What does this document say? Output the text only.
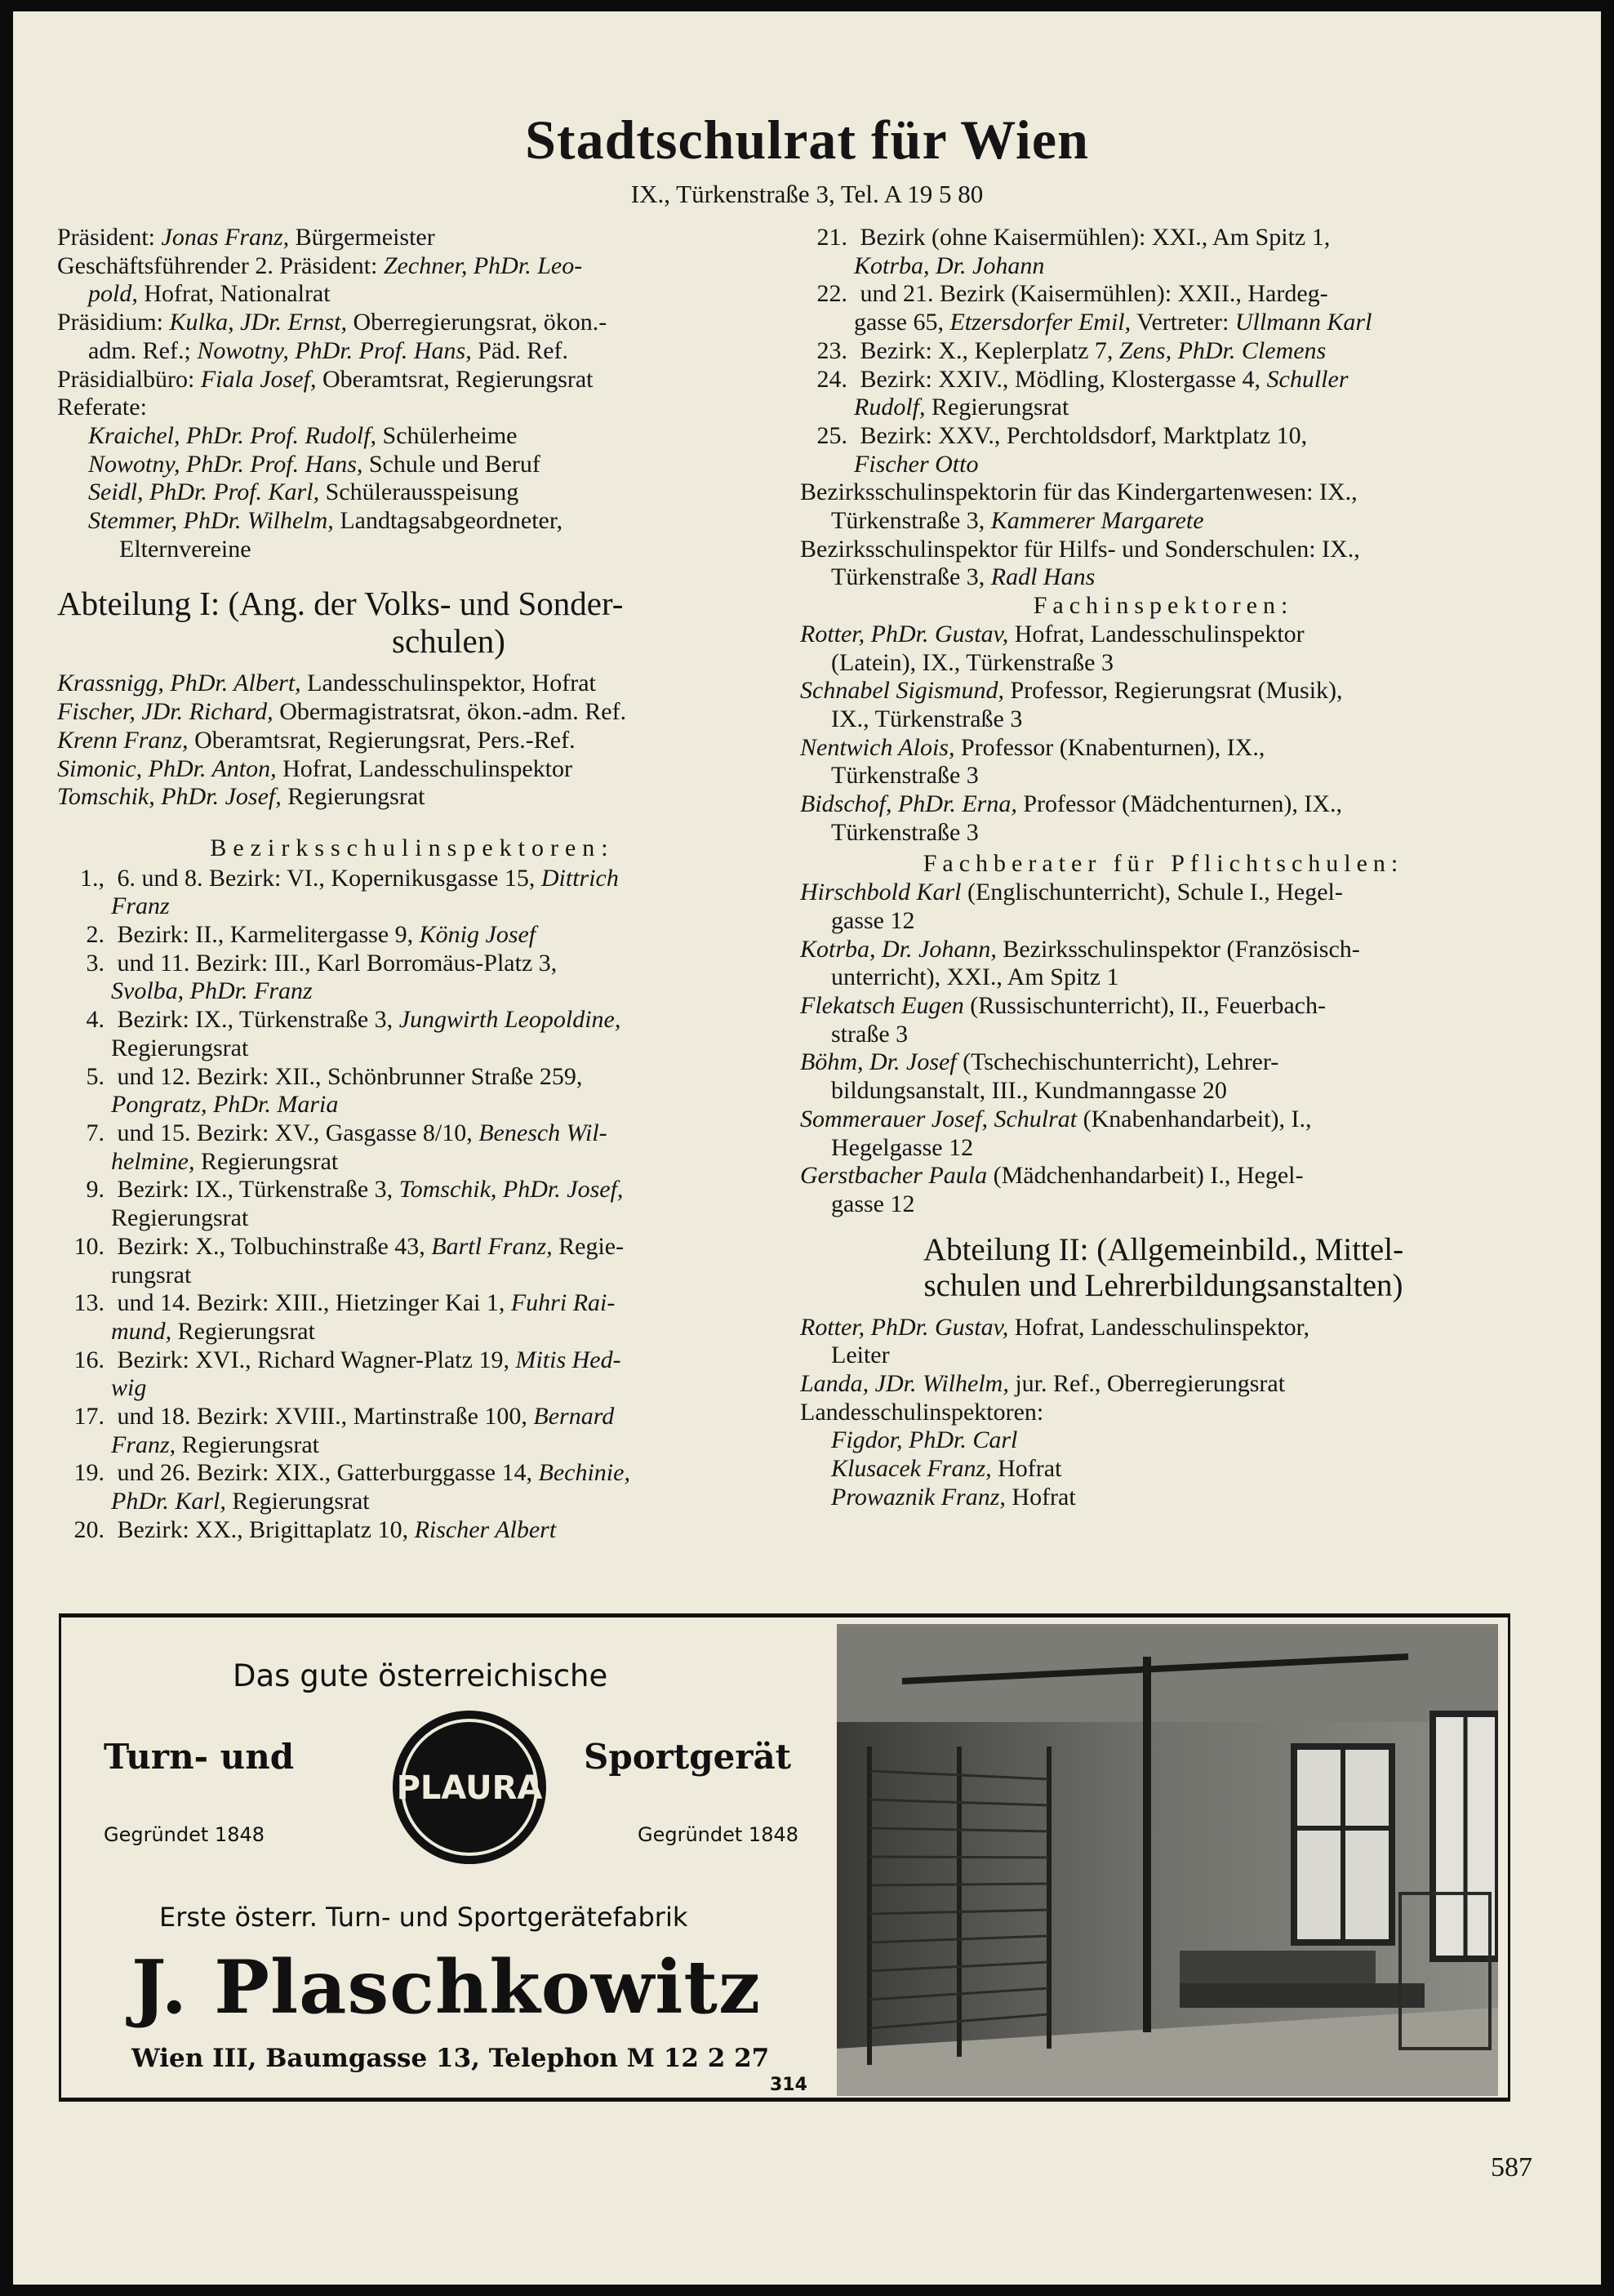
Stadtschulrat für Wien
IX., Türkenstraße 3, Tel. A 19 5 80
Präsident: Jonas Franz, Bürgermeister
Geschäftsführender 2. Präsident: Zechner, PhDr. Leo-
pold, Hofrat, Nationalrat
Präsidium: Kulka, JDr. Ernst, Oberregierungsrat, ökon.-
adm. Ref.; Nowotny, PhDr. Prof. Hans, Päd. Ref.
Präsidialbüro: Fiala Josef, Oberamtsrat, Regierungsrat
Referate:
Kraichel, PhDr. Prof. Rudolf, Schülerheime
Nowotny, PhDr. Prof. Hans, Schule und Beruf
Seidl, PhDr. Prof. Karl, Schülerausspeisung
Stemmer, PhDr. Wilhelm, Landtagsabgeordneter,
Elternvereine
Abteilung I: (Ang. der Volks- und Sonder-
schulen)
Krassnigg, PhDr. Albert, Landesschulinspektor, Hofrat
Fischer, JDr. Richard, Obermagistratsrat, ökon.-adm. Ref.
Krenn Franz, Oberamtsrat, Regierungsrat, Pers.-Ref.
Simonic, PhDr. Anton, Hofrat, Landesschulinspektor
Tomschik, PhDr. Josef, Regierungsrat
Bezirksschulinspektoren:
1., 6. und 8. Bezirk: VI., Kopernikusgasse 15, Dittrich
Franz
2. Bezirk: II., Karmelitergasse 9, König Josef
3. und 11. Bezirk: III., Karl Borromäus-Platz 3,
Svolba, PhDr. Franz
4. Bezirk: IX., Türkenstraße 3, Jungwirth Leopoldine,
Regierungsrat
5. und 12. Bezirk: XII., Schönbrunner Straße 259,
Pongratz, PhDr. Maria
7. und 15. Bezirk: XV., Gasgasse 8/10, Benesch Wil-
helmine, Regierungsrat
9. Bezirk: IX., Türkenstraße 3, Tomschik, PhDr. Josef,
Regierungsrat
10. Bezirk: X., Tolbuchinstraße 43, Bartl Franz, Regie-
rungsrat
13. und 14. Bezirk: XIII., Hietzinger Kai 1, Fuhri Rai-
mund, Regierungsrat
16. Bezirk: XVI., Richard Wagner-Platz 19, Mitis Hed-
wig
17. und 18. Bezirk: XVIII., Martinstraße 100, Bernard
Franz, Regierungsrat
19. und 26. Bezirk: XIX., Gatterburggasse 14, Bechinie,
PhDr. Karl, Regierungsrat
20. Bezirk: XX., Brigittaplatz 10, Rischer Albert
21. Bezirk (ohne Kaisermühlen): XXI., Am Spitz 1,
Kotrba, Dr. Johann
22. und 21. Bezirk (Kaisermühlen): XXII., Hardeg-
gasse 65, Etzersdorfer Emil, Vertreter: Ullmann Karl
23. Bezirk: X., Keplerplatz 7, Zens, PhDr. Clemens
24. Bezirk: XXIV., Mödling, Klostergasse 4, Schuller
Rudolf, Regierungsrat
25. Bezirk: XXV., Perchtoldsdorf, Marktplatz 10,
Fischer Otto
Bezirksschulinspektorin für das Kindergartenwesen: IX.,
Türkenstraße 3, Kammerer Margarete
Bezirksschulinspektor für Hilfs- und Sonderschulen: IX.,
Türkenstraße 3, Radl Hans
Fachinspektoren:
Rotter, PhDr. Gustav, Hofrat, Landesschulinspektor
(Latein), IX., Türkenstraße 3
Schnabel Sigismund, Professor, Regierungsrat (Musik),
IX., Türkenstraße 3
Nentwich Alois, Professor (Knabenturnen), IX.,
Türkenstraße 3
Bidschof, PhDr. Erna, Professor (Mädchenturnen), IX.,
Türkenstraße 3
Fachberater für Pflichtschulen:
Hirschbold Karl (Englischunterricht), Schule I., Hegel-
gasse 12
Kotrba, Dr. Johann, Bezirksschulinspektor (Französisch-
unterricht), XXI., Am Spitz 1
Flekatsch Eugen (Russischunterricht), II., Feuerbach-
straße 3
Böhm, Dr. Josef (Tschechischunterricht), Lehrer-
bildungsanstalt, III., Kundmanngasse 20
Sommerauer Josef, Schulrat (Knabenhandarbeit), I.,
Hegelgasse 12
Gerstbacher Paula (Mädchenhandarbeit) I., Hegel-
gasse 12
Abteilung II: (Allgemeinbild., Mittel-
schulen und Lehrerbildungsanstalten)
Rotter, PhDr. Gustav, Hofrat, Landesschulinspektor,
Leiter
Landa, JDr. Wilhelm, jur. Ref., Oberregierungsrat
Landesschulinspektoren:
Figdor, PhDr. Carl
Klusacek Franz, Hofrat
Prowaznik Franz, Hofrat
Das gute österreichische
Turn- und	Sportgerät
Gegründet 1848	Gegründet 1848
PLAURA
Erste österr. Turn- und Sportgerätefabrik
J. Plaschkowitz
Wien III, Baumgasse 13, Telephon M 12 2 27
314
587
